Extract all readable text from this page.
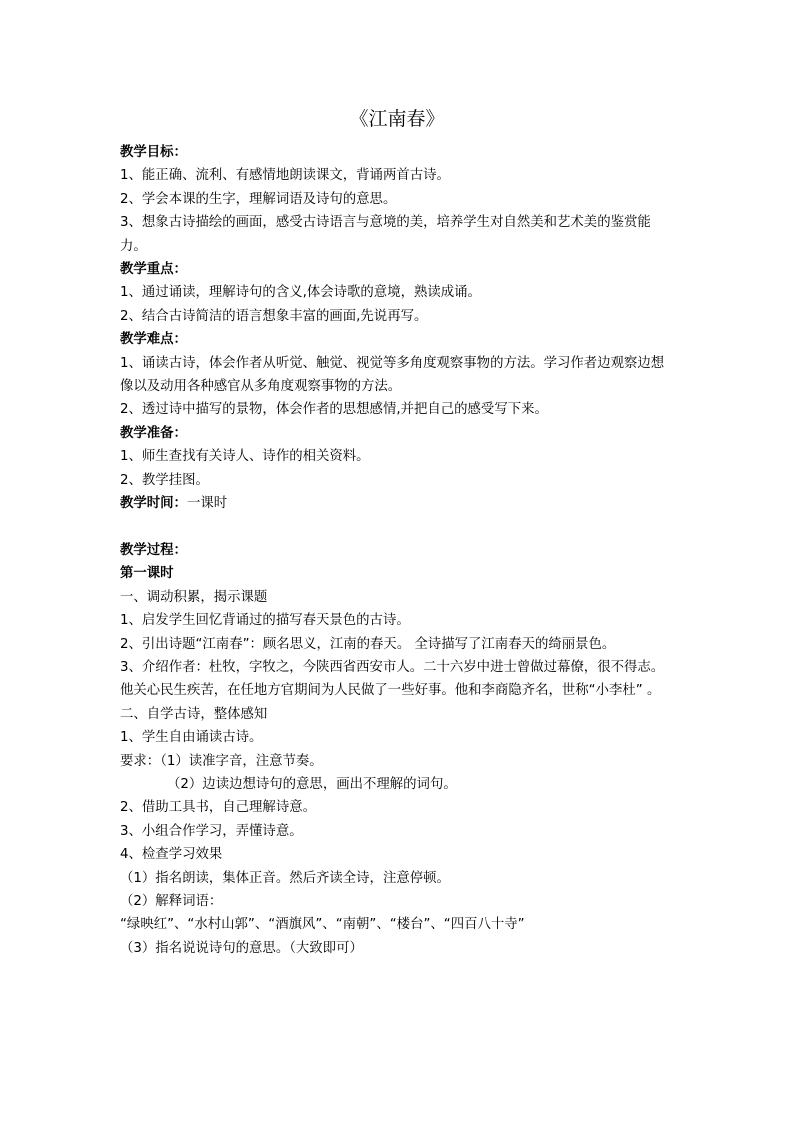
《江南春》
教学目标：
1、能正确、流利、有感情地朗读课文，背诵两首古诗。
2、学会本课的生字，理解词语及诗句的意思。
3、想象古诗描绘的画面，感受古诗语言与意境的美，培养学生对自然美和艺术美的鉴赏能力。
教学重点：
1、通过诵读，理解诗句的含义,体会诗歌的意境，熟读成诵。
2、结合古诗简洁的语言想象丰富的画面,先说再写。
教学难点：
1、诵读古诗，体会作者从听觉、触觉、视觉等多角度观察事物的方法。学习作者边观察边想像以及动用各种感官从多角度观察事物的方法。
2、透过诗中描写的景物，体会作者的思想感情,并把自己的感受写下来。
教学准备：
1、师生查找有关诗人、诗作的相关资料。
2、教学挂图。
教学时间：一课时
教学过程：
第一课时
一、调动积累，揭示课题
1、启发学生回忆背诵过的描写春天景色的古诗。
2、引出诗题“江南春”：顾名思义，江南的春天。 全诗描写了江南春天的绮丽景色。
3、介绍作者：杜牧，字牧之，今陕西省西安市人。二十六岁中进士曾做过幕僚，很不得志。他关心民生疾苦，在任地方官期间为人民做了一些好事。他和李商隐齐名，世称“小李杜” 。
二、自学古诗，整体感知
1、学生自由诵读古诗。
要求：（1）读准字音，注意节奏。
（2）边读边想诗句的意思，画出不理解的词句。
2、借助工具书，自己理解诗意。
3、小组合作学习，弄懂诗意。
4、检查学习效果
（1）指名朗读，集体正音。然后齐读全诗，注意停顿。
（2）解释词语：
“绿映红”、“水村山郭”、“酒旗风”、“南朝”、“楼台”、“四百八十寺”
（3）指名说说诗句的意思。（大致即可）
